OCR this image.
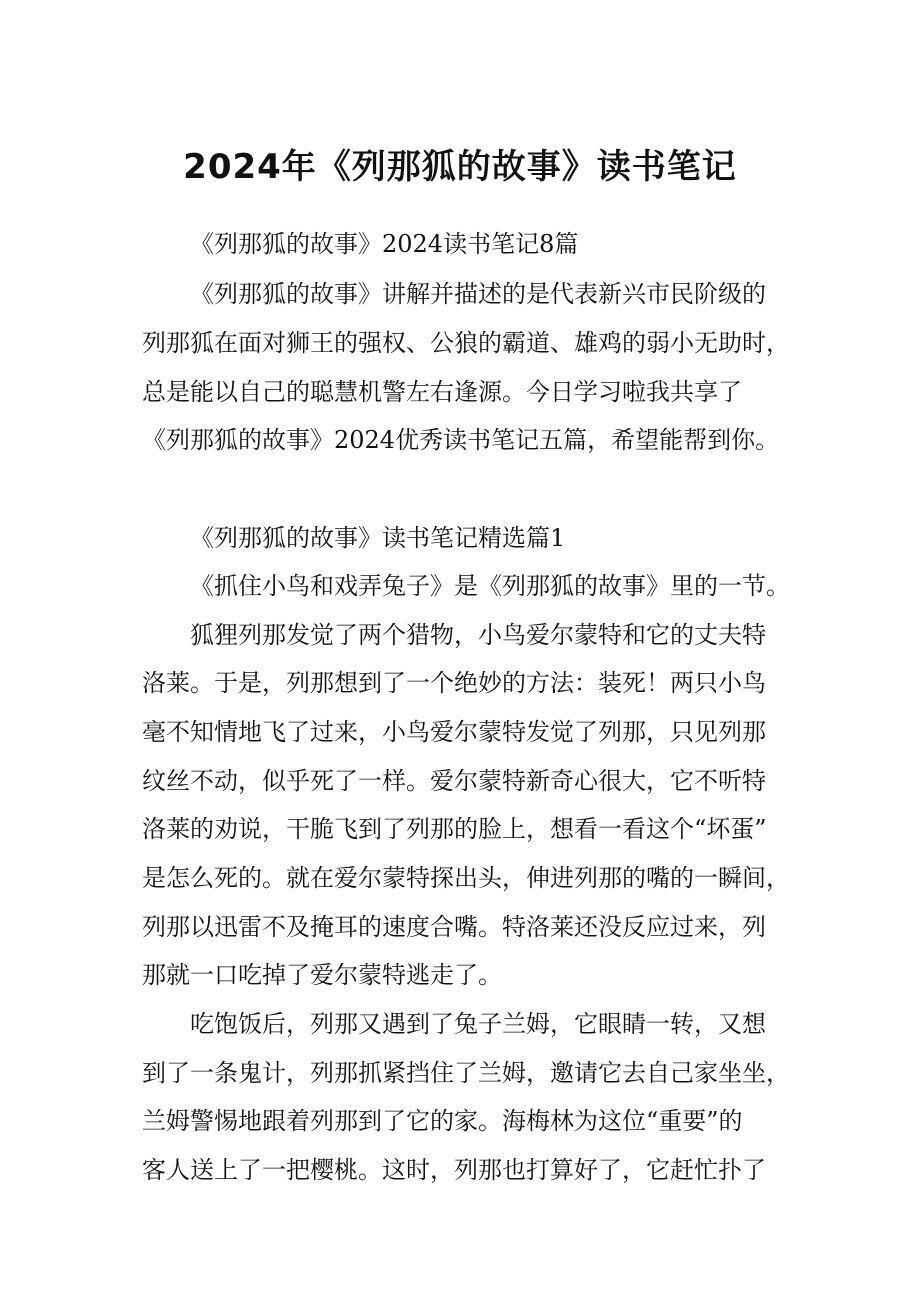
2024年《列那狐的故事》读书笔记

《列那狐的故事》2024读书笔记8篇

《列那狐的故事》讲解并描述的是代表新兴市民阶级的

列那狐在面对狮王的强权、公狼的霸道、雄鸡的弱小无助时，

总是能以自己的聪慧机警左右逢源。今日学习啦我共享了

《列那狐的故事》2024优秀读书笔记五篇，希望能帮到你。

《列那狐的故事》读书笔记精选篇1

《抓住小鸟和戏弄兔子》是《列那狐的故事》里的一节。

狐狸列那发觉了两个猎物，小鸟爱尔蒙特和它的丈夫特

洛莱。于是，列那想到了一个绝妙的方法：装死！两只小鸟

毫不知情地飞了过来，小鸟爱尔蒙特发觉了列那，只见列那

纹丝不动，似乎死了一样。爱尔蒙特新奇心很大，它不听特

洛莱的劝说，干脆飞到了列那的脸上，想看一看这个“坏蛋”

是怎么死的。就在爱尔蒙特探出头，伸进列那的嘴的一瞬间，

列那以迅雷不及掩耳的速度合嘴。特洛莱还没反应过来，列

那就一口吃掉了爱尔蒙特逃走了。

吃饱饭后，列那又遇到了兔子兰姆，它眼睛一转，又想

到了一条鬼计，列那抓紧挡住了兰姆，邀请它去自己家坐坐，

兰姆警惕地跟着列那到了它的家。海梅林为这位“重要”的

客人送上了一把樱桃。这时，列那也打算好了，它赶忙扑了
